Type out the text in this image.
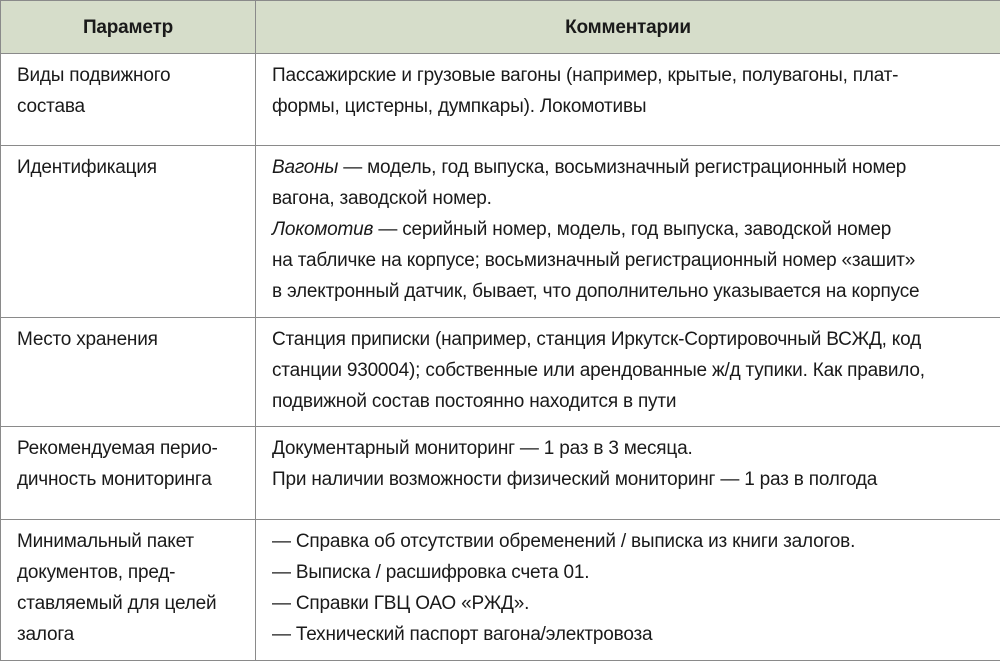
Параметр	Комментарии

Виды подвижного
состава	Пассажирские и грузовые вагоны (например, крытые, полувагоны, плат-
формы, цистерны, думпкары). Локомотивы

Идентификация	Вагоны — модель, год выпуска, восьмизначный регистрационный номер
вагона, заводской номер.
Локомотив — серийный номер, модель, год выпуска, заводской номер
на табличке на корпусе; восьмизначный регистрационный номер «зашит»
в электронный датчик, бывает, что дополнительно указывается на корпусе

Место хранения	Станция приписки (например, станция Иркутск-Сортировочный ВСЖД, код
станции 930004); собственные или арендованные ж/д тупики. Как правило,
подвижной состав постоянно находится в пути

Рекомендуемая перио-
дичность мониторинга	Документарный мониторинг — 1 раз в 3 месяца.
При наличии возможности физический мониторинг — 1 раз в полгода

Минимальный пакет
документов, пред-
ставляемый для целей
залога	— Справка об отсутствии обременений / выписка из книги залогов.
— Выписка / расшифровка счета 01.
— Справки ГВЦ ОАО «РЖД».
— Технический паспорт вагона/электровоза
